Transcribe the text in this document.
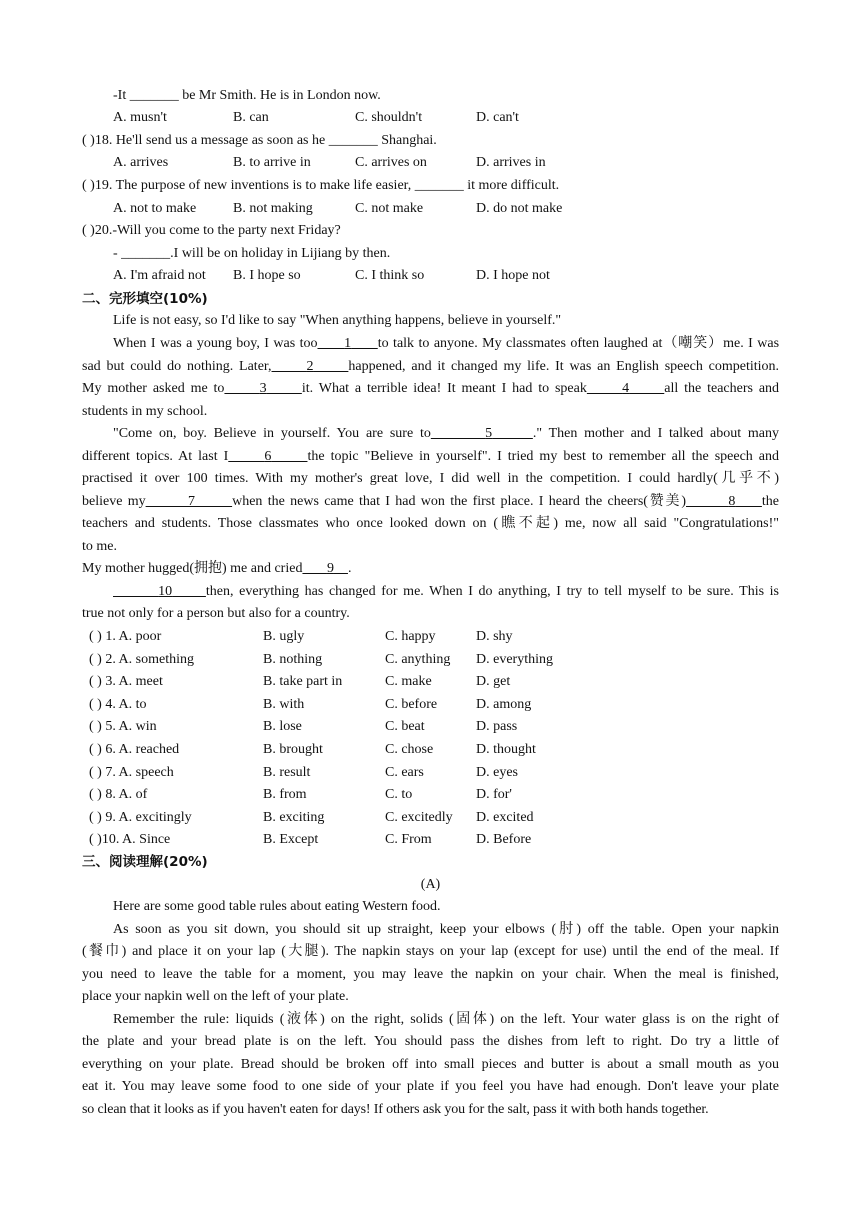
-It _______ be Mr Smith. He is in London now.
A. musn't	B. can	C. shouldn't	D. can't
( )18. He'll send us a message as soon as he _______ Shanghai.
A. arrives	B. to arrive in	C. arrives on	D. arrives in
( )19. The purpose of new inventions is to make life easier, _______ it more difficult.
A. not to make	B. not making	C. not make	D. do not make
( )20.-Will you come to the party next Friday?
- _______.I will be on holiday in Lijiang by then.
A. I'm afraid not B. I hope so	C. I think so	D. I hope not
二、完形填空(10%)
Life is not easy, so I'd like to say "When anything happens, believe in yourself."
When I was a young boy, I was too 1 to talk to anyone. My classmates often laughed at（嘲笑）me. I was
sad but could do nothing. Later, 2 happened, and it changed my life. It was an English speech competition.
My mother asked me to	3	it. What a terrible idea! It meant I had to speak	4	all the teachers and
students in my school.
"Come on, boy. Believe in yourself. You are sure to	5	." Then mother and I talked about many
different topics. At last I	6	the topic "Believe in yourself". I tried my best to remember all the speech and
practised it over 100 times. With my mother's great love, I did well in the competition. I could hardly(几乎不)
believe my	7	when the news came that I had won the first place. I heard the cheers(赞美)	8 the
teachers and students. Those classmates who once looked down on (瞧不起) me, now all said "Congratulations!"
to me.
My mother hugged(拥抱) me and cried 9 .
10 then, everything has changed for me. When I do anything, I try to tell myself to be sure. This is
true not only for a person but also for a country.
( ) 1. A. poor	B. ugly	C. happy	D. shy
( ) 2. A. something	B. nothing	C. anything D. everything
( ) 3. A. meet	B. take part in	C. make	D. get
( ) 4. A. to	B. with	C. before	D. among
( ) 5. A. win	B. lose	C. beat	D. pass
( ) 6. A. reached	B. brought	C. chose	D. thought
( ) 7. A. speech	B. result	C. ears	D. eyes
( ) 8. A. of	B. from	C. to	D. for'
( ) 9. A. excitingly	B. exciting	C. excitedly D. excited
( )10. A. Since	B. Except	C. From	D. Before
三、阅读理解(20%)
(A)
Here are some good table rules about eating Western food.
As soon as you sit down, you should sit up straight, keep your elbows (肘) off the table. Open your napkin
(餐巾) and place it on your lap (大腿). The napkin stays on your lap (except for use) until the end of the meal. If
you need to leave the table for a moment, you may leave the napkin on your chair. When the meal is finished,
place your napkin well on the left of your plate.
Remember the rule: liquids (液体) on the right, solids (固体) on the left. Your water glass is on the right of
the plate and your bread plate is on the left. You should pass the dishes from left to right. Do try a little of
everything on your plate. Bread should be broken off into small pieces and butter is about a small mouth as you
eat it. You may leave some food to one side of your plate if you feel you have had enough. Don't leave your plate
so clean that it looks as if you haven't eaten for days! If others ask you for the salt, pass it with both hands together.
